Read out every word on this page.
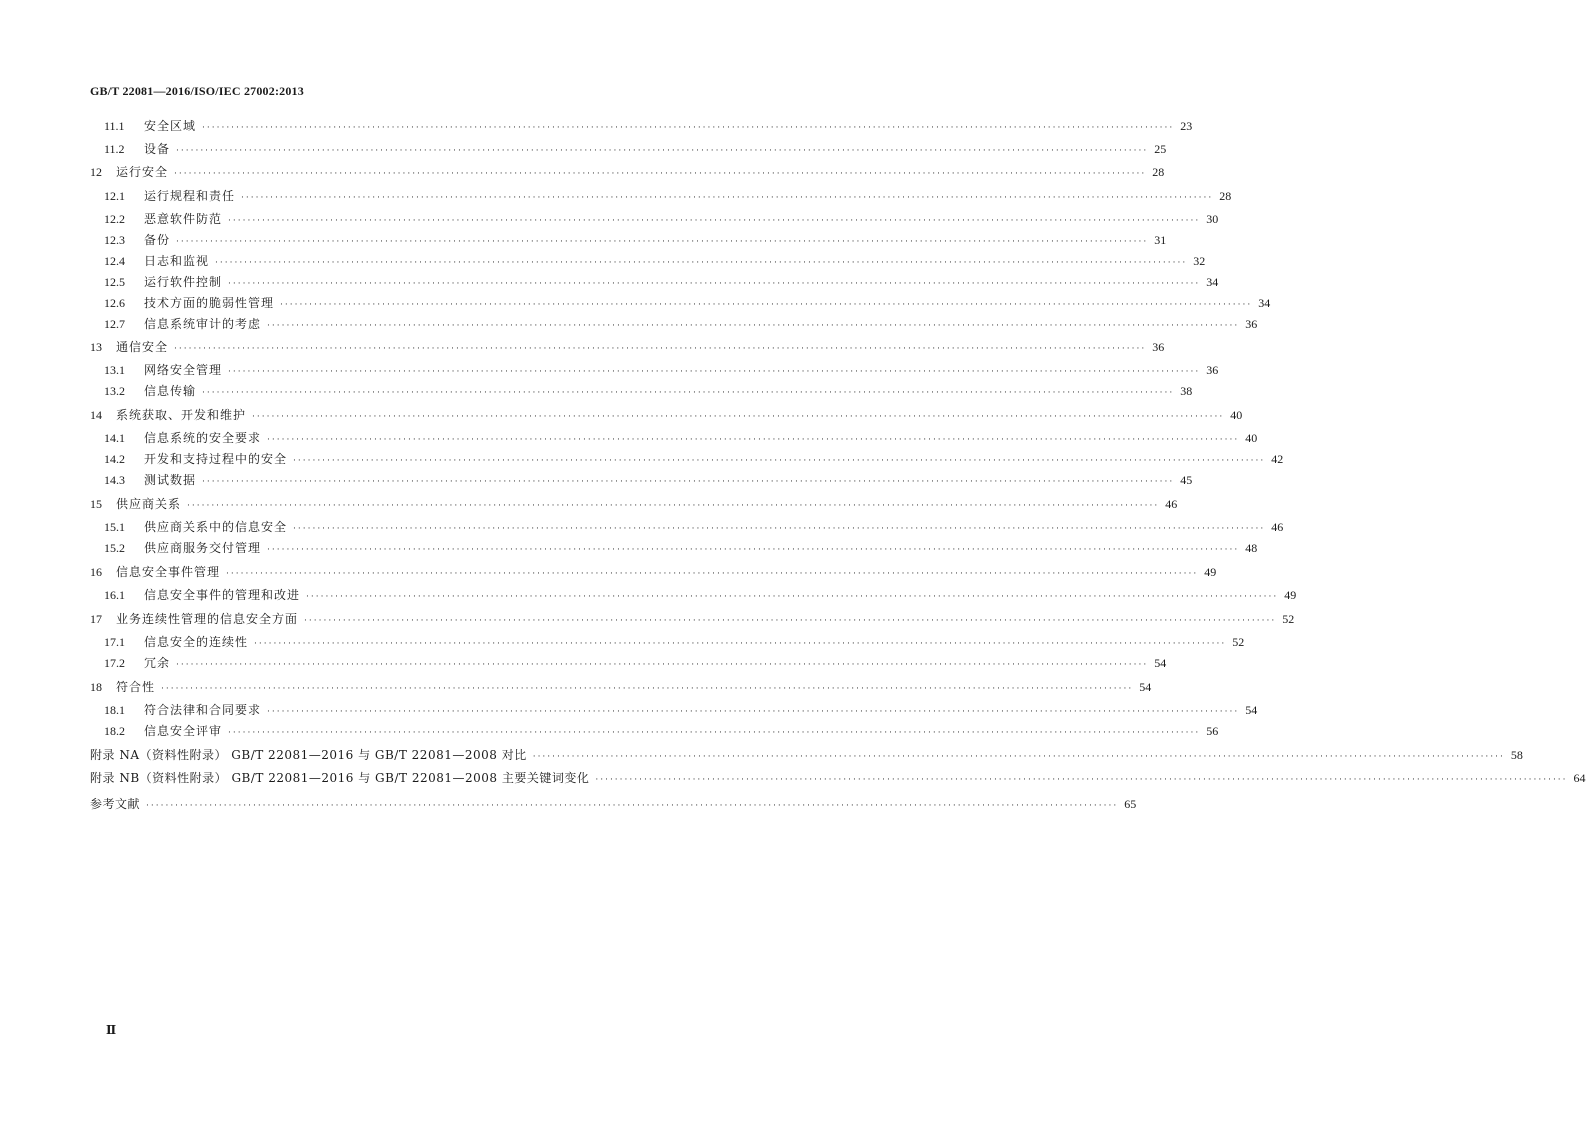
GB/T 22081—2016/ISO/IEC 27002:2013
11.1	安全区域 ········································································································································································································ 23
11.2	设备 ········································································································································································································ 25
12	运行安全 ········································································································································································································ 28
12.1	运行规程和责任 ········································································································································································································ 28
12.2	恶意软件防范 ········································································································································································································ 30
12.3	备份 ········································································································································································································ 31
12.4	日志和监视 ········································································································································································································ 32
12.5	运行软件控制 ········································································································································································································ 34
12.6	技术方面的脆弱性管理 ········································································································································································································ 34
12.7	信息系统审计的考虑 ········································································································································································································ 36
13	通信安全 ········································································································································································································ 36
13.1	网络安全管理 ········································································································································································································ 36
13.2	信息传输 ········································································································································································································ 38
14	系统获取、开发和维护 ········································································································································································································ 40
14.1	信息系统的安全要求 ········································································································································································································ 40
14.2	开发和支持过程中的安全 ········································································································································································································ 42
14.3	测试数据 ········································································································································································································ 45
15	供应商关系 ········································································································································································································ 46
15.1	供应商关系中的信息安全 ········································································································································································································ 46
15.2	供应商服务交付管理 ········································································································································································································ 48
16	信息安全事件管理 ········································································································································································································ 49
16.1	信息安全事件的管理和改进 ········································································································································································································ 49
17	业务连续性管理的信息安全方面 ········································································································································································································ 52
17.1	信息安全的连续性 ········································································································································································································ 52
17.2	冗余 ········································································································································································································ 54
18	符合性 ········································································································································································································ 54
18.1	符合法律和合同要求 ········································································································································································································ 54
18.2	信息安全评审 ········································································································································································································ 56
附录 NA（资料性附录） GB/T 22081—2016 与 GB/T 22081—2008 对比 ········································································································································································································ 58
附录 NB（资料性附录） GB/T 22081—2016 与 GB/T 22081—2008 主要关键词变化 ········································································································································································································ 64
参考文献 ········································································································································································································ 65
Ⅱ
